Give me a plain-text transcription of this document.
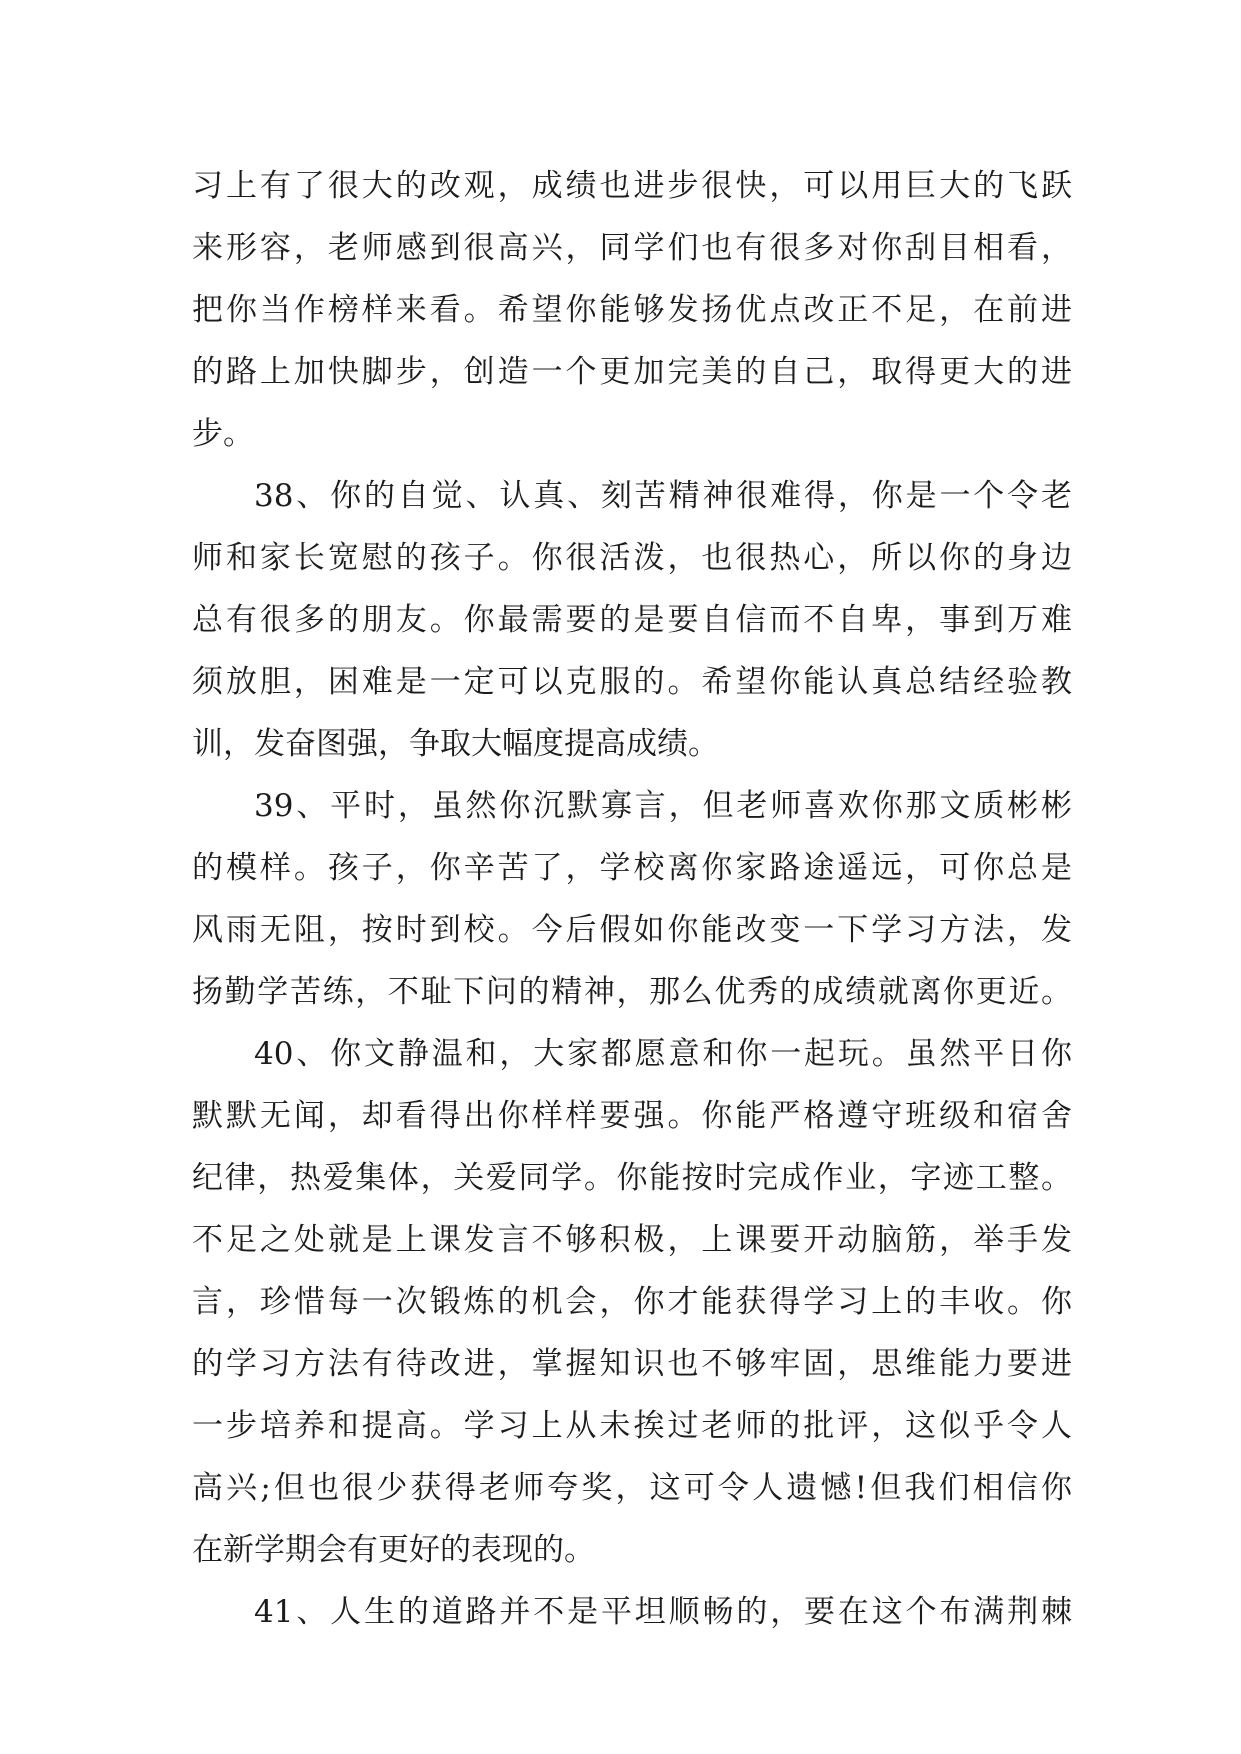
习上有了很大的改观，成绩也进步很快，可以用巨大的飞跃
来形容，老师感到很高兴，同学们也有很多对你刮目相看，
把你当作榜样来看。希望你能够发扬优点改正不足，在前进
的路上加快脚步，创造一个更加完美的自己，取得更大的进
步。
38、你的自觉、认真、刻苦精神很难得，你是一个令老
师和家长宽慰的孩子。你很活泼，也很热心，所以你的身边
总有很多的朋友。你最需要的是要自信而不自卑，事到万难
须放胆，困难是一定可以克服的。希望你能认真总结经验教
训，发奋图强，争取大幅度提高成绩。
39、平时，虽然你沉默寡言，但老师喜欢你那文质彬彬
的模样。孩子，你辛苦了，学校离你家路途遥远，可你总是
风雨无阻，按时到校。今后假如你能改变一下学习方法，发
扬勤学苦练，不耻下问的精神，那么优秀的成绩就离你更近。
40、你文静温和，大家都愿意和你一起玩。虽然平日你
默默无闻，却看得出你样样要强。你能严格遵守班级和宿舍
纪律，热爱集体，关爱同学。你能按时完成作业，字迹工整。
不足之处就是上课发言不够积极，上课要开动脑筋，举手发
言，珍惜每一次锻炼的机会，你才能获得学习上的丰收。你
的学习方法有待改进，掌握知识也不够牢固，思维能力要进
一步培养和提高。学习上从未挨过老师的批评，这似乎令人
高兴;但也很少获得老师夸奖，这可令人遗憾!但我们相信你
在新学期会有更好的表现的。
41、人生的道路并不是平坦顺畅的，要在这个布满荆棘
